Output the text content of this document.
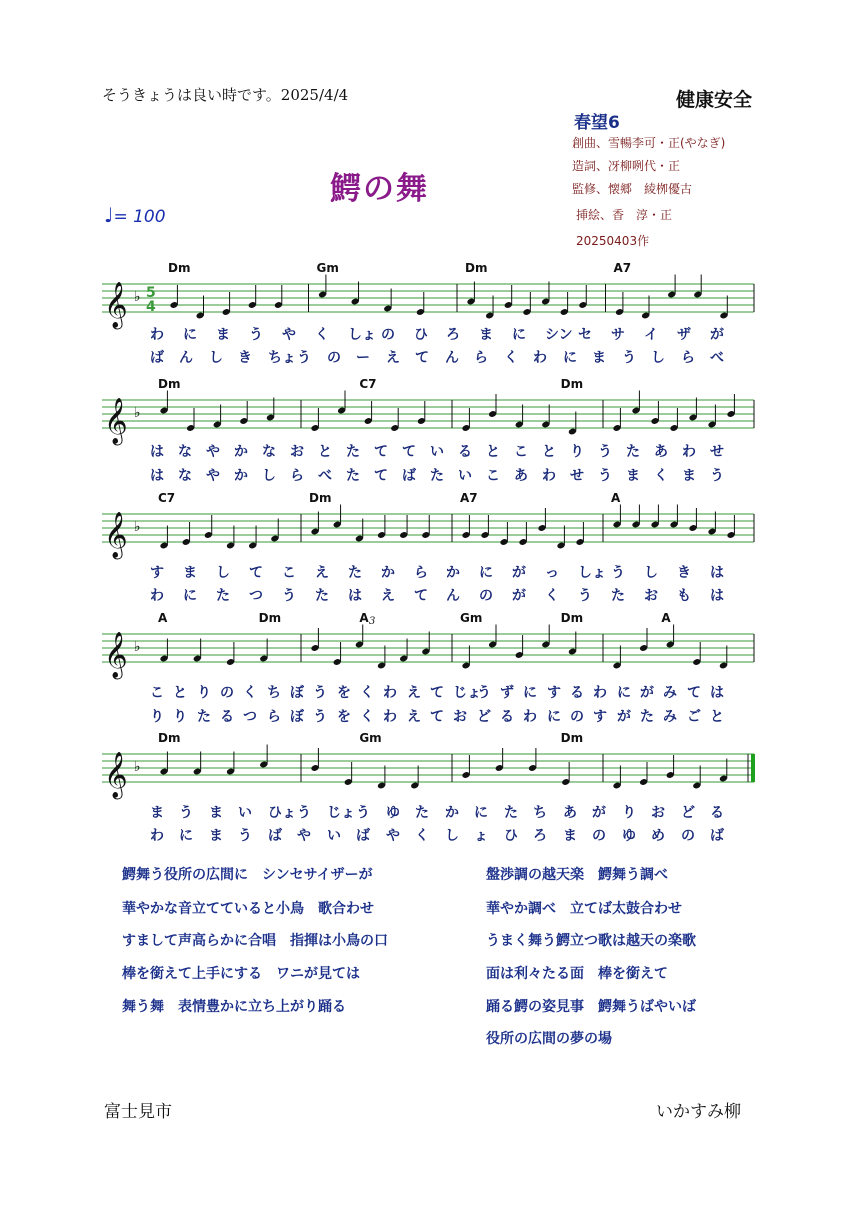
そうきょうは良い時です。2025/4/4	健康安全
春望6
創曲、雪暢李可・正(やなぎ)
造詞、冴柳咧代・正
監修、懐郷　綾栁優古
挿絵、香　淳・正
20250403作
鰐の舞
♩= 100
𝄞 ♭ 5
4
Dm	Gm	Dm	A7
𝄞 ♭
Dm	C7	Dm
𝄞 ♭
C7	Dm	A7	A
𝄞 ♭
A	Dm	A	Gm	Dm	A
3
𝄞 ♭
Dm	Gm	Dm
わ に ま う や く しょ の ひ ろ ま に シン セ サ イ ザ が
ば ん し き ちょ う の ー え て ん ら く わ に ま う し ら べ
は な や か な お と た て て い る と こ と り う た あ わ せ
は な や か し ら べ た て ば た い こ あ わ せ う ま く ま う
す ま し て こ え た か ら か に が っ しょ う し き は
わ に た つ う た は え て ん の が く う た お も は
こ と り の く ち ぼ う を く わ え て じょ
う ず に す る わ に が み て は
り り た る つ ら ぼ う を く わ え て お ど る わ に の す が た み ご と
ま う ま い ひょ う じょ う ゆ た か に た ち あ が り お ど る
わ に ま う ば や い ば や く し ょ ひ ろ ま の ゆ め の ば
鰐舞う役所の広間に　シンセサイザーが
華やかな音立てていると小鳥　歌合わせ
すまして声高らかに合唱　指揮は小鳥の口
棒を銜えて上手にする　ワニが見ては
舞う舞　表情豊かに立ち上がり踊る
盤渉調の越天楽　鰐舞う調べ
華やか調べ　立てば太鼓合わせ
うまく舞う鰐立つ歌は越天の楽歌
面は利々たる面　棒を銜えて
踊る鰐の姿見事　鰐舞うばやいば
役所の広間の夢の場
富士見市	いかすみ柳
